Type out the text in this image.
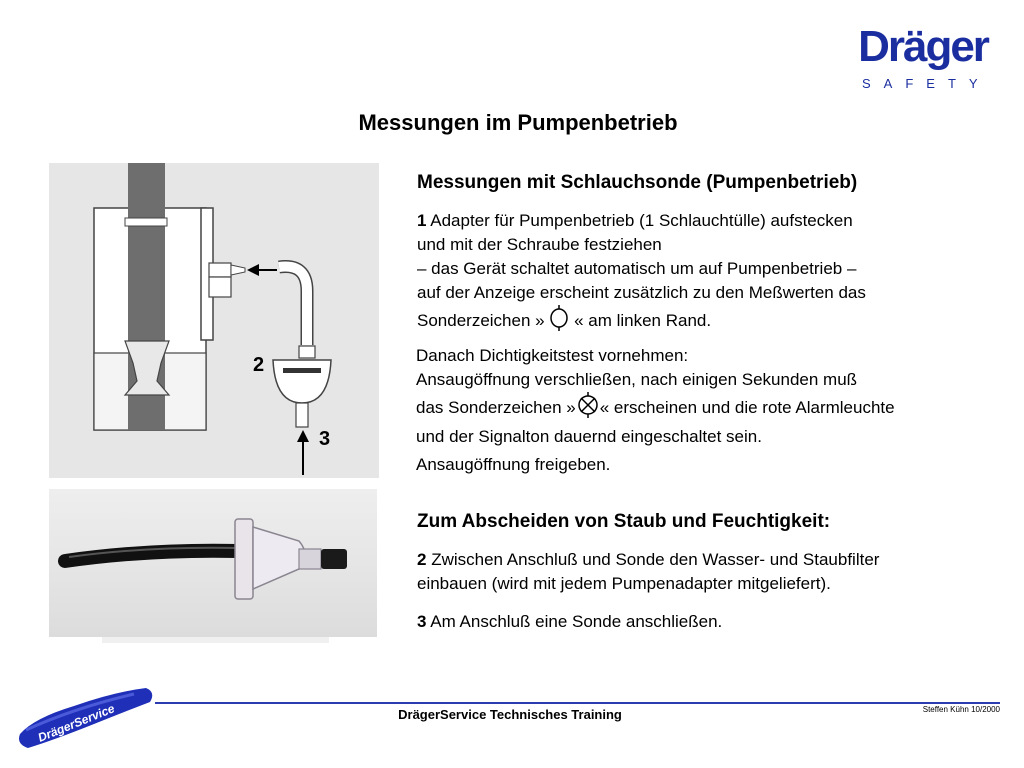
Dräger
SAFETY
Messungen im Pumpenbetrieb
2
3
Messungen mit Schlauchsonde (Pumpenbetrieb)
1 Adapter für Pumpenbetrieb (1 Schlauchtülle) aufstecken
und mit der Schraube festziehen
– das Gerät schaltet automatisch um auf Pumpenbetrieb –
auf der Anzeige erscheint zusätzlich zu den Meßwerten das
Sonderzeichen » « am linken Rand.
Danach Dichtigkeitstest vornehmen:
Ansaugöffnung verschließen, nach einigen Sekunden muß
das Sonderzeichen » « erscheinen und die rote Alarmleuchte
und der Signalton dauernd eingeschaltet sein.
Ansaugöffnung freigeben.
Zum Abscheiden von Staub und Feuchtigkeit:
2 Zwischen Anschluß und Sonde den Wasser- und Staubfilter
einbauen (wird mit jedem Pumpenadapter mitgeliefert).
3 Am Anschluß eine Sonde anschließen.
DrägerService	DrägerService Technisches Training	Steffen Kühn 10/2000
